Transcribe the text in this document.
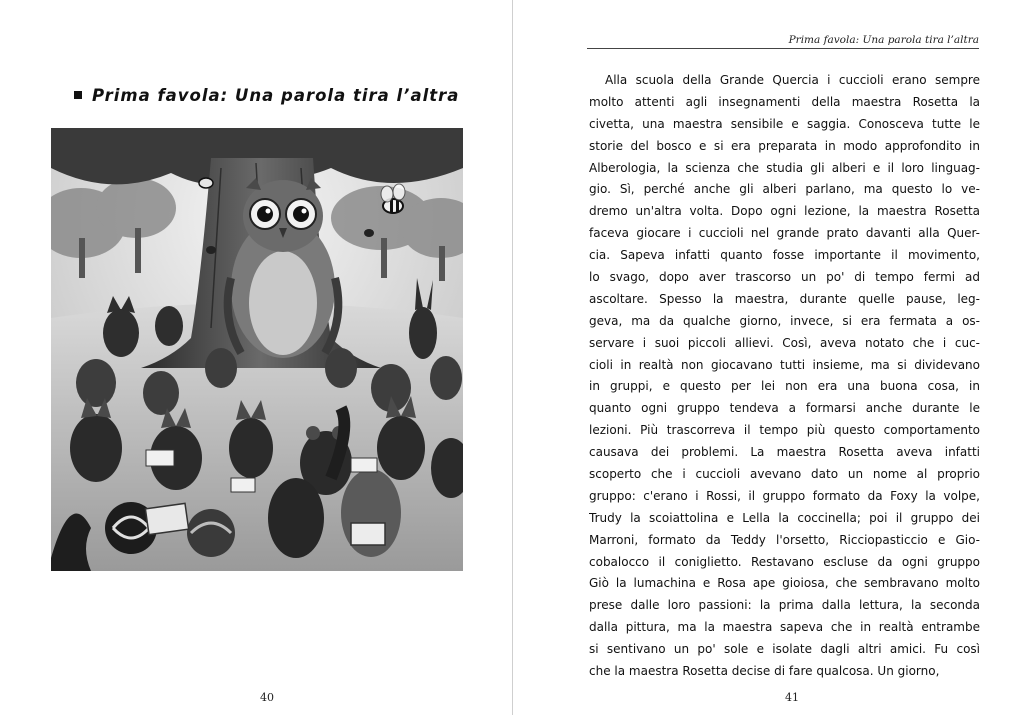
Prima favola: Una parola tira l’altra
40
Prima favola: Una parola tira l’altra
Alla scuola della Grande Quercia i cuccioli erano sempre
molto attenti agli insegnamenti della maestra Rosetta la
civetta, una maestra sensibile e saggia. Conosceva tutte le
storie del bosco e si era preparata in modo approfondito in
Alberologia, la scienza che studia gli alberi e il loro linguag-
gio. Sì, perché anche gli alberi parlano, ma questo lo ve-
dremo un'altra volta. Dopo ogni lezione, la maestra Rosetta
faceva giocare i cuccioli nel grande prato davanti alla Quer-
cia. Sapeva infatti quanto fosse importante il movimento,
lo svago, dopo aver trascorso un po' di tempo fermi ad
ascoltare. Spesso la maestra, durante quelle pause, leg-
geva, ma da qualche giorno, invece, si era fermata a os-
servare i suoi piccoli allievi. Così, aveva notato che i cuc-
cioli in realtà non giocavano tutti insieme, ma si dividevano
in gruppi, e questo per lei non era una buona cosa, in
quanto ogni gruppo tendeva a formarsi anche durante le
lezioni. Più trascorreva il tempo più questo comportamento
causava dei problemi. La maestra Rosetta aveva infatti
scoperto che i cuccioli avevano dato un nome al proprio
gruppo: c'erano i Rossi, il gruppo formato da Foxy la volpe,
Trudy la scoiattolina e Lella la coccinella; poi il gruppo dei
Marroni, formato da Teddy l'orsetto, Ricciopasticcio e Gio-
cobalocco il coniglietto. Restavano escluse da ogni gruppo
Giò la lumachina e Rosa ape gioiosa, che sembravano molto
prese dalle loro passioni: la prima dalla lettura, la seconda
dalla pittura, ma la maestra sapeva che in realtà entrambe
si sentivano un po' sole e isolate dagli altri amici. Fu così
che la maestra Rosetta decise di fare qualcosa. Un giorno,
41
